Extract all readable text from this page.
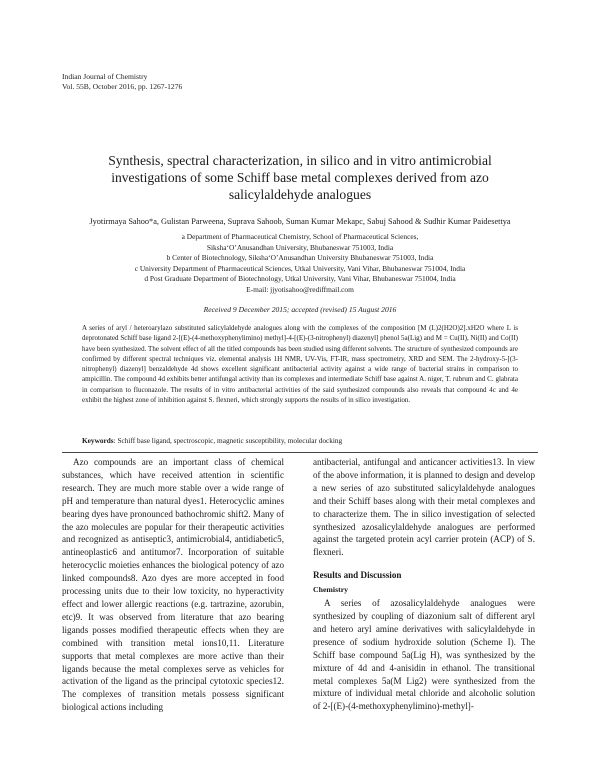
Indian Journal of Chemistry
Vol. 55B, October 2016, pp. 1267-1276
Synthesis, spectral characterization, in silico and in vitro antimicrobial
investigations of some Schiff base metal complexes derived from azo
salicylaldehyde analogues
Jyotirmaya Sahoo*a, Gulistan Parweena, Suprava Sahoob, Suman Kumar Mekapc, Sabuj Sahood & Sudhir Kumar Paidesettya
a Department of Pharmaceutical Chemistry, School of Pharmaceutical Sciences,
Siksha‘O’Anusandhan University, Bhubaneswar 751003, India
b Center of Biotechnology, Siksha‘O’Anusandhan University Bhubaneswar 751003, India
c University Department of Pharmaceutical Sciences, Utkal University, Vani Vihar, Bhubaneswar 751004, India
d Post Graduate Department of Biotechnology, Utkal University, Vani Vihar, Bhubaneswar 751004, India
E-mail: jjyotisahoo@rediffmail.com
Received 9 December 2015; accepted (revised) 15 August 2016
A series of aryl / heteroarylazo substituted salicylaldehyde analogues along with the complexes of the composition [M (L)2(H2O)2].xH2O where L is deprotonated Schiff base ligand 2-[(E)-(4-methoxyphenylimino) methyl]-4-[(E)-(3-nitrophenyl) diazenyl] phenol 5a(Lig) and M = Cu(II), Ni(II) and Co(II) have been synthesized. The solvent effect of all the titled compounds has been studied using different solvents. The structure of synthesized compounds are confirmed by different spectral techniques viz. elemental analysis 1H NMR, UV-Vis, FT-IR, mass spectrometry, XRD and SEM. The 2-hydroxy-5-[(3-nitrophenyl) diazenyl] benzaldehyde 4d shows excellent significant antibacterial activity against a wide range of bacterial strains in comparison to ampicillin. The compound 4d exhibits better antifungal activity than its complexes and intermediate Schiff base against A. niger, T. rubrum and C. glabrata in comparison to fluconazole. The results of in vitro antibacterial activities of the said synthesized compounds also reveals that compound 4c and 4e exhibit the highest zone of inhibition against S. flexneri, which strongly supports the results of in silico investigation.
Keywords: Schiff base ligand, spectroscopic, magnetic susceptibility, molecular docking

Azo compounds are an important class of chemical substances, which have received attention in scientific research. They are much more stable over a wide range of pH and temperature than natural dyes1. Heterocyclic amines bearing dyes have pronounced bathochromic shift2. Many of the azo molecules are popular for their therapeutic activities and recognized as antiseptic3, antimicrobial4, antidiabetic5, antineoplastic6 and antitumor7. Incorporation of suitable heterocyclic moieties enhances the biological potency of azo linked compounds8. Azo dyes are more accepted in food processing units due to their low toxicity, no hyperactivity effect and lower allergic reactions (e.g. tartrazine, azorubin, etc)9. It was observed from literature that azo bearing ligands posses modified therapeutic effects when they are combined with transition metal ions10,11. Literature supports that metal complexes are more active than their ligands because the metal complexes serve as vehicles for activation of the ligand as the principal cytotoxic species12. The complexes of transition metals possess significant biological actions including

antibacterial, antifungal and anticancer activities13. In view of the above information, it is planned to design and develop a new series of azo substituted salicylaldehyde analogues and their Schiff bases along with their metal complexes and to characterize them. The in silico investigation of selected synthesized azosalicylaldehyde analogues are performed against the targeted protein acyl carrier protein (ACP) of S. flexneri.

Results and Discussion

Chemistry

A series of azosalicylaldehyde analogues were synthesized by coupling of diazonium salt of different aryl and hetero aryl amine derivatives with salicylaldehyde in presence of sodium hydroxide solution (Scheme I). The Schiff base compound 5a(Lig H), was synthesized by the mixture of 4d and 4-anisidin in ethanol. The transitional metal complexes 5a(M Lig2) were synthesized from the mixture of individual metal chloride and alcoholic solution of 2-[(E)-(4-methoxyphenylimino)-methyl]-
